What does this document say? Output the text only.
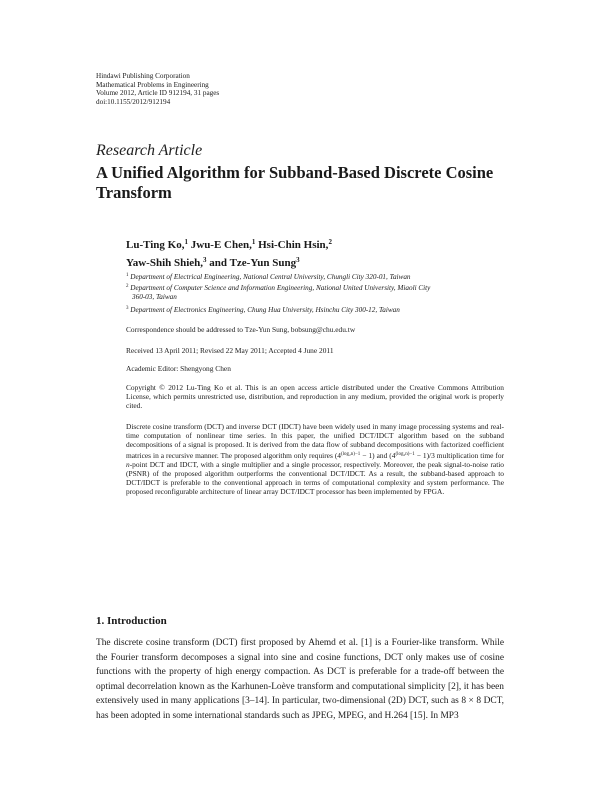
Hindawi Publishing Corporation
Mathematical Problems in Engineering
Volume 2012, Article ID 912194, 31 pages
doi:10.1155/2012/912194
Research Article
A Unified Algorithm for Subband-Based Discrete Cosine Transform
Lu-Ting Ko,$^1$ Jwu-E Chen,$^1$ Hsi-Chin Hsin,$^2$
Yaw-Shih Shieh,$^3$ and Tze-Yun Sung$^3$
$^1$ Department of Electrical Engineering, National Central University, Chungli City 320-01, Taiwan
$^2$ Department of Computer Science and Information Engineering, National United University, Miaoli City
360-03, Taiwan
$^3$ Department of Electronics Engineering, Chung Hua University, Hsinchu City 300-12, Taiwan
Correspondence should be addressed to Tze-Yun Sung, bobsung@chu.edu.tw
Received 13 April 2011; Revised 22 May 2011; Accepted 4 June 2011
Academic Editor: Shengyong Chen
Copyright © 2012 Lu-Ting Ko et al. This is an open access article distributed under the Creative Commons Attribution License, which permits unrestricted use, distribution, and reproduction in any medium, provided the original work is properly cited.
Discrete cosine transform (DCT) and inverse DCT (IDCT) have been widely used in many image processing systems and real-time computation of nonlinear time series. In this paper, the unified DCT/IDCT algorithm based on the subband decompositions of a signal is proposed. It is derived from the data flow of subband decompositions with factorized coefficient matrices in a recursive manner. The proposed algorithm only requires $(4^{(log_2n)-1} - 1)$ and $(4^{(log_2n)-1} - 1)/3$ multiplication time for n-point DCT and IDCT, with a single multiplier and a single processor, respectively. Moreover, the peak signal-to-noise ratio (PSNR) of the proposed algorithm outperforms the conventional DCT/IDCT. As a result, the subband-based approach to DCT/IDCT is preferable to the conventional approach in terms of computational complexity and system performance. The proposed reconfigurable architecture of linear array DCT/IDCT processor has been implemented by FPGA.
1. Introduction
The discrete cosine transform (DCT) first proposed by Ahemd et al. [1] is a Fourier-like transform. While the Fourier transform decomposes a signal into sine and cosine functions, DCT only makes use of cosine functions with the property of high energy compaction. As DCT is preferable for a trade-off between the optimal decorrelation known as the Karhunen-Loève transform and computational simplicity [2], it has been extensively used in many applications [3–14]. In particular, two-dimensional (2D) DCT, such as 8 × 8 DCT, has been adopted in some international standards such as JPEG, MPEG, and H.264 [15]. In MP3
